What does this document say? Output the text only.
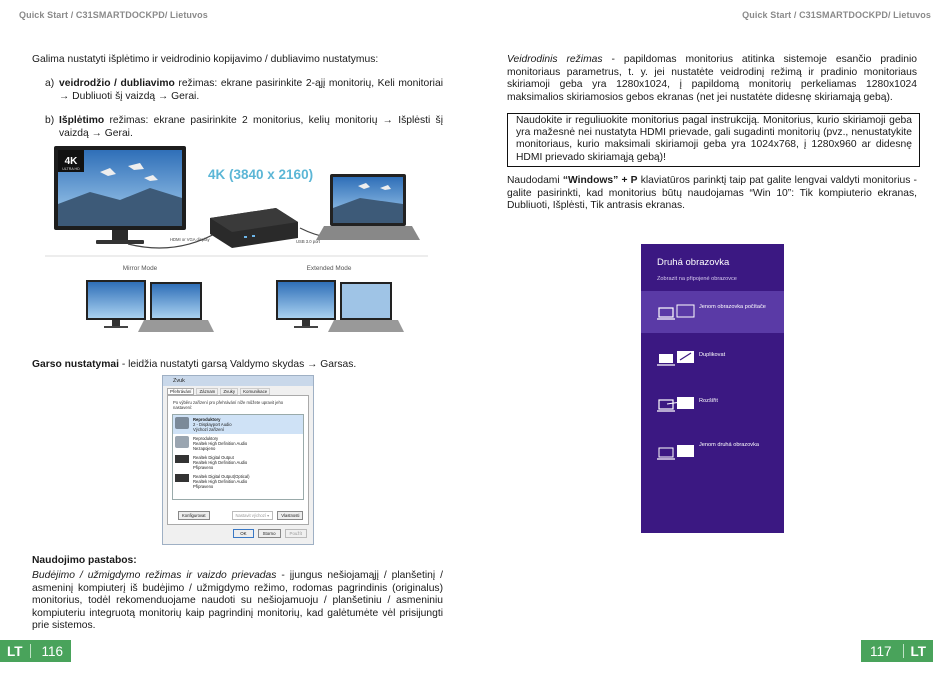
Quick Start / C31SMARTDOCKPD/ Lietuvos	Quick Start / C31SMARTDOCKPD/ Lietuvos
Galima nustatyti išplėtimo ir veidrodinio kopijavimo / dubliavimo nustatymus:
a) veidrodžio / dubliavimo režimas: ekrane pasirinkite 2-ąjį monitorių, Keli monitoriai → Dubliuoti šį vaizdą → Gerai.
b) Išplėtimo režimas: ekrane pasirinkite 2 monitorius, kelių monitorių → Išplėsti šį vaizdą → Gerai.
4K
ULTRA HD	4K (3840 x 2160)
HDMI or VGA display	USB 3.0 port
Mirror Mode	Extended Mode
Garso nustatymai - leidžia nustatyti garsą Valdymo skydas → Garsas.
Zvuk
Přehrávání	Záznam	Zvuky	Komunikace
Po výběru zařízení pro přehrávání níže můžete upravit jeho nastavení:
Reproduktory
2 - Displayport Audio
Výchozí zařízení
Reproduktory
Realtek High Definition Audio
Nezapojeno
Realtek Digital Output
Realtek High Definition Audio
Připraveno
Realtek Digital Output(Optical)
Realtek High Definition Audio
Připraveno
Konfigurovat	Nastavit výchozí ▾	Vlastnosti
OK	Storno	Použít
Naudojimo pastabos:
Budėjimo / užmigdymo režimas ir vaizdo prievadas - įjungus nešiojamąjį / planšetinį / asmeninį kompiuterį iš budėjimo / užmigdymo režimo, rodomas pagrindinis (originalus) monitorius, todėl rekomenduojame naudoti su nešiojamuoju / planšetiniu / asmeniniu kompiuteriu integruotą monitorių kaip pagrindinį monitorių, kad galėtumėte vėl prisijungti prie sistemos.
Veidrodinis režimas - papildomas monitorius atitinka sistemoje esančio pradinio monitoriaus parametrus, t. y. jei nustatėte veidrodinį režimą ir pradinio monitoriaus skiriamoji geba yra 1280x1024, į papildomą monitorių perkeliamas 1280x1024 maksimalios skiriamosios gebos ekranas (net jei nustatėte didesnę skiriamąją gebą).
Naudokite ir reguliuokite monitorius pagal instrukciją. Monitorius, kurio skiriamoji geba yra mažesnė nei nustatyta HDMI prievade, gali sugadinti monitorių (pvz., nenustatykite monitoriaus, kurio maksimali skiriamoji geba yra 1024x768, į 1280x960 ar didesnę HDMI prievado skiriamąją gebą)!
Naudodami “Windows” + P klaviatūros parinktį taip pat galite lengvai valdyti monitorius - galite pasirinkti, kad monitorius būtų naudojamas “Win 10”: Tik kompiuterio ekranas, Dubliuoti, Išplėsti, Tik antrasis ekranas.
Druhá obrazovka
Zobrazit na připojené obrazovce
Jenom obrazovka počítače
Duplikovat
Rozšířit
Jenom druhá obrazovka
LT	116	117	LT
